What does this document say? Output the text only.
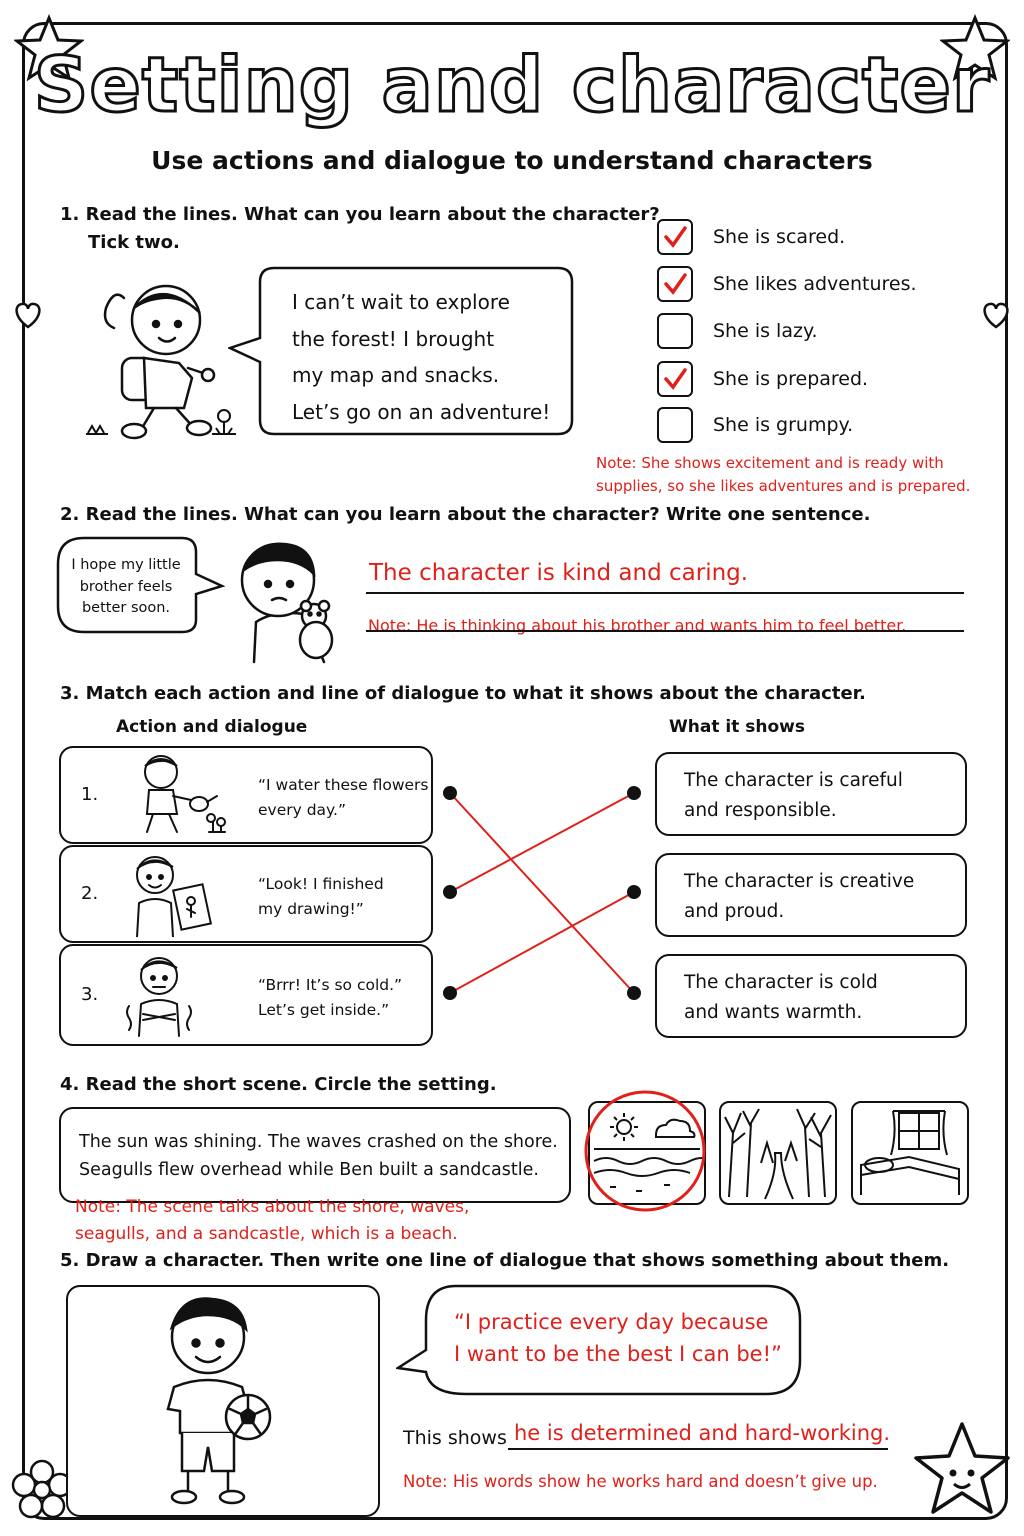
Setting and character
Use actions and dialogue to understand characters
1. Read the lines. What can you learn about the character?
Tick two.
I can’t wait to explore
the forest! I brought
my map and snacks.
Let’s go on an adventure!
She is scared.
She likes adventures.
She is lazy.
She is prepared.
She is grumpy.
Note: She shows excitement and is ready with
supplies, so she likes adventures and is prepared.
2. Read the lines. What can you learn about the character? Write one sentence.
I hope my little
brother feels
better soon.
The character is kind and caring.
Note: He is thinking about his brother and wants him to feel better.
3. Match each action and line of dialogue to what it shows about the character.
Action and dialogue	What it shows
1.	“I water these flowers
every day.”
2.	“Look! I finished
my drawing!”
3.	“Brrr! It’s so cold.”
Let’s get inside.”
The character is careful
and responsible.
The character is creative
and proud.
The character is cold
and wants warmth.
4. Read the short scene. Circle the setting.
The sun was shining. The waves crashed on the shore.
Seagulls flew overhead while Ben built a sandcastle.
Note: The scene talks about the shore, waves,
seagulls, and a sandcastle, which is a beach.
5. Draw a character. Then write one line of dialogue that shows something about them.
“I practice every day because
I want to be the best I can be!”
This shows he is determined and hard-working.
Note: His words show he works hard and doesn’t give up.
